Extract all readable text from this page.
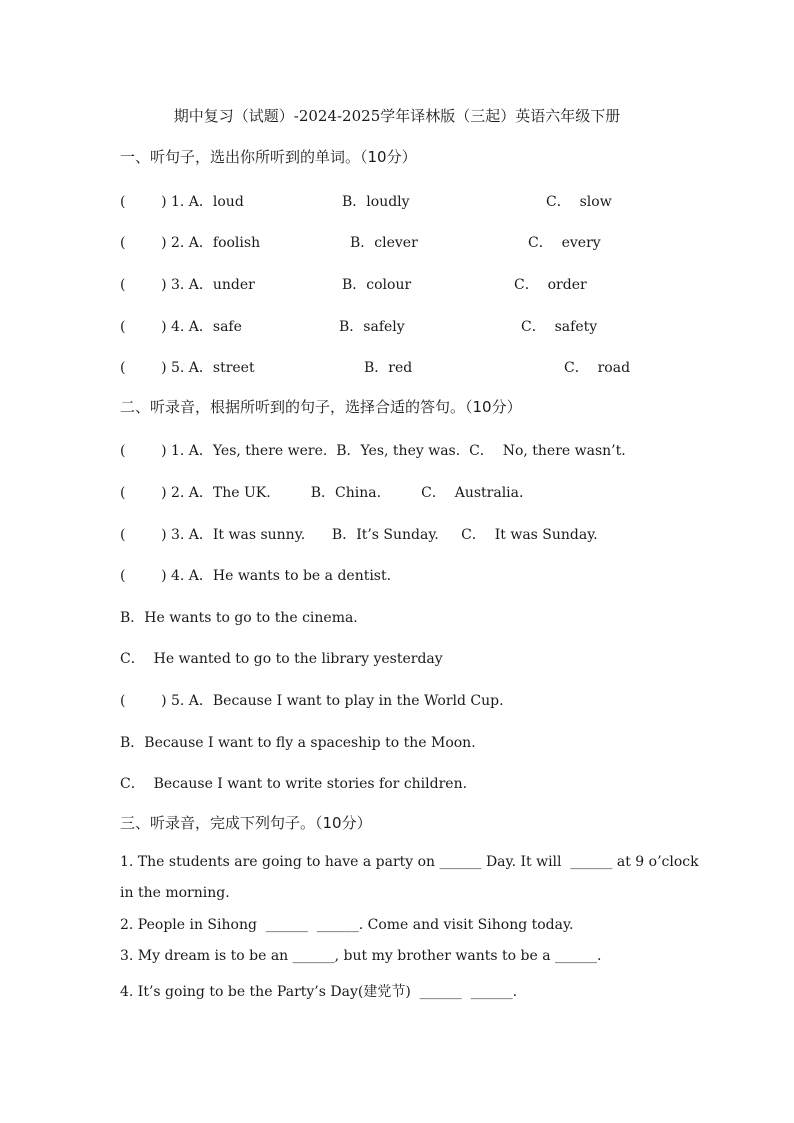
期中复习（试题）-2024-2025学年译林版（三起）英语六年级下册
一、听句子，选出你所听到的单词。（10分）
(        ) 1. A．loud	B．loudly	C．  slow
(        ) 2. A．foolish	B．clever	C．  every
(        ) 3. A．under	B．colour	C．  order
(        ) 4. A．safe	B．safely	C．  safety
(        ) 5. A．street	B．red	C．  road
二、听录音，根据所听到的句子，选择合适的答句。（10分）
(        ) 1. A．Yes, there were.  B．Yes, they was.  C．  No, there wasn’t.
(        ) 2. A．The UK.         B．China.         C．  Australia.
(        ) 3. A．It was sunny.      B．It’s Sunday.     C．  It was Sunday.
(        ) 4. A．He wants to be a dentist.
B．He wants to go to the cinema.
C．  He wanted to go to the library yesterday
(        ) 5. A．Because I want to play in the World Cup.
B．Because I want to fly a spaceship to the Moon.
C．  Because I want to write stories for children.
三、听录音，完成下列句子。（10分）
1. The students are going to have a party on ______ Day. It will  ______ at 9 o’clock
in the morning.
2. People in Sihong  ______  ______. Come and visit Sihong today.
3. My dream is to be an ______, but my brother wants to be a ______.
4. It’s going to be the Party’s Day(建党节)  ______  ______.
